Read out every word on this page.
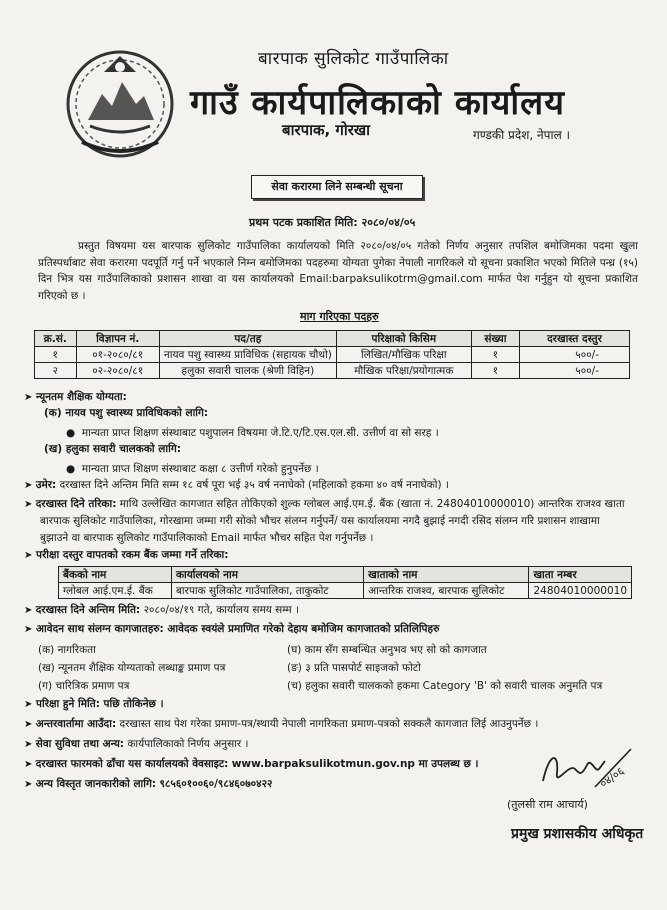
बारपाक सुलिकोट गाउँपालिका
गाउँ कार्यपालिकाको कार्यालय
बारपाक, गोरखा	गण्डकी प्रदेश, नेपाल ।
सेवा करारमा लिने सम्बन्धी सूचना
प्रथम पटक प्रकाशित मिति: २०८०/०४/०५
प्रस्तुत विषयमा यस बारपाक सुलिकोट गाउँपालिका कार्यालयको मिति २०८०/०४/०५ गतेको निर्णय अनुसार तपशिल बमोजिमका पदमा खुला प्रतिस्पर्धाबाट सेवा करारमा पदपूर्ति गर्नु पर्ने भएकाले निम्न बमोजिमका पदहरुमा योग्यता पुगेका नेपाली नागरिकले यो सूचना प्रकाशित भएको मितिले पन्ध्र (१५) दिन भित्र यस गाउँपालिकाको प्रशासन शाखा वा यस कार्यालयको Email:barpaksulikotrm@gmail.com मार्फत पेश गर्नुहुन यो सूचना प्रकाशित गरिएको छ ।
माग गरिएका पदहरु
क्र.सं.	विज्ञापन नं.	पद/तह	परिक्षाको किसिम	संख्या	दरखास्त दस्तुर
१	०१-२०८०/८१	नायव पशु स्वास्थ्य प्राविधिक (सहायक चौथो)	लिखित/मौखिक परिक्षा	१	५००/-
२	०२-२०८०/८१	हलुका सवारी चालक (श्रेणी विहिन)	मौखिक परिक्षा/प्रयोगात्मक	१	५००/-
➤ न्यूनतम शैक्षिक योग्यता:
(क) नायव पशु स्वास्थ्य प्राविधिकको लागि:
● मान्यता प्राप्त शिक्षण संस्थाबाट पशुपालन विषयमा जे.टि.ए/टि.एस.एल.सी. उत्तीर्ण वा सो सरह ।
(ख) हलुका सवारी चालकको लागि:
● मान्यता प्राप्त शिक्षण संस्थाबाट कक्षा ८ उत्तीर्ण गरेको हुनुपर्नेछ ।
➤ उमेर: दरखास्त दिने अन्तिम मिति सम्म १८ वर्ष पूरा भई ३५ वर्ष ननाघेको (महिलाको हकमा ४० वर्ष ननाघेको) ।
➤ दरखास्त दिने तरिका: माथि उल्लेखित कागजात सहित तोकिएको शुल्क ग्लोबल आई.एम.ई. बैंक (खाता नं. 24804010000010) आन्तरिक राजश्व खाता
बारपाक सुलिकोट गाउँपालिका, गोरखामा जम्मा गरी सोको भौचर संलग्न गर्नुपर्ने/ यस कार्यालयमा नगदै बुझाई नगदी रसिद संलग्न गरि प्रशासन शाखामा
बुझाउने वा बारपाक सुलिकोट गाउँपालिकाको Email मार्फत भौचर सहित पेश गर्नुपर्नेछ ।
➤ परीक्षा दस्तुर वापतको रकम बैंक जम्मा गर्ने तरिका:
बैंकको नाम	कार्यालयको नाम	खाताको नाम	खाता नम्बर
ग्लोबल आई.एम.ई. बैंक	बारपाक सुलिकोट गाउँपालिका, ताकुकोट	आन्तरिक राजश्व, बारपाक सुलिकोट	24804010000010
➤ दरखास्त दिने अन्तिम मिति: २०८०/०४/१९ गते, कार्यालय समय सम्म ।
➤ आवेदन साथ संलग्न कागजातहरु: आवेदक स्वयंले प्रमाणित गरेको देहाय बमोजिम कागजातको प्रतिलिपिहरु
(क) नागरिकता
(ख) न्यूनतम शैक्षिक योग्यताको लब्धाङ्क प्रमाण पत्र
(ग) चारित्रिक प्रमाण पत्र
(घ) काम सँग सम्बन्धित अनुभव भए सो को कागजात
(ङ) ३ प्रति पासपोर्ट साइजको फोटो
(च) हलुका सवारी चालकको हकमा Category 'B' को सवारी चालक अनुमति पत्र
➤ परिक्षा हुने मिति: पछि तोकिनेछ ।
➤ अन्तरवार्तामा आउँदा: दरखास्त साथ पेश गरेका प्रमाण-पत्र/स्थायी नेपाली नागरिकता प्रमाण-पत्रको सक्कलै कागजात लिई आउनुपर्नेछ ।
➤ सेवा सुविधा तथा अन्य: कार्यपालिकाको निर्णय अनुसार ।
➤ दरखास्त फारमको ढाँचा यस कार्यालयको वेवसाइट: www.barpaksulikotmun.gov.np मा उपलब्ध छ ।
➤ अन्य विस्तृत जानकारीको लागि: ९८५६०१००६०/९८४६०७०४२२	०४/०६
(तुलसी राम आचार्य)
प्रमुख प्रशासकीय अधिकृत
